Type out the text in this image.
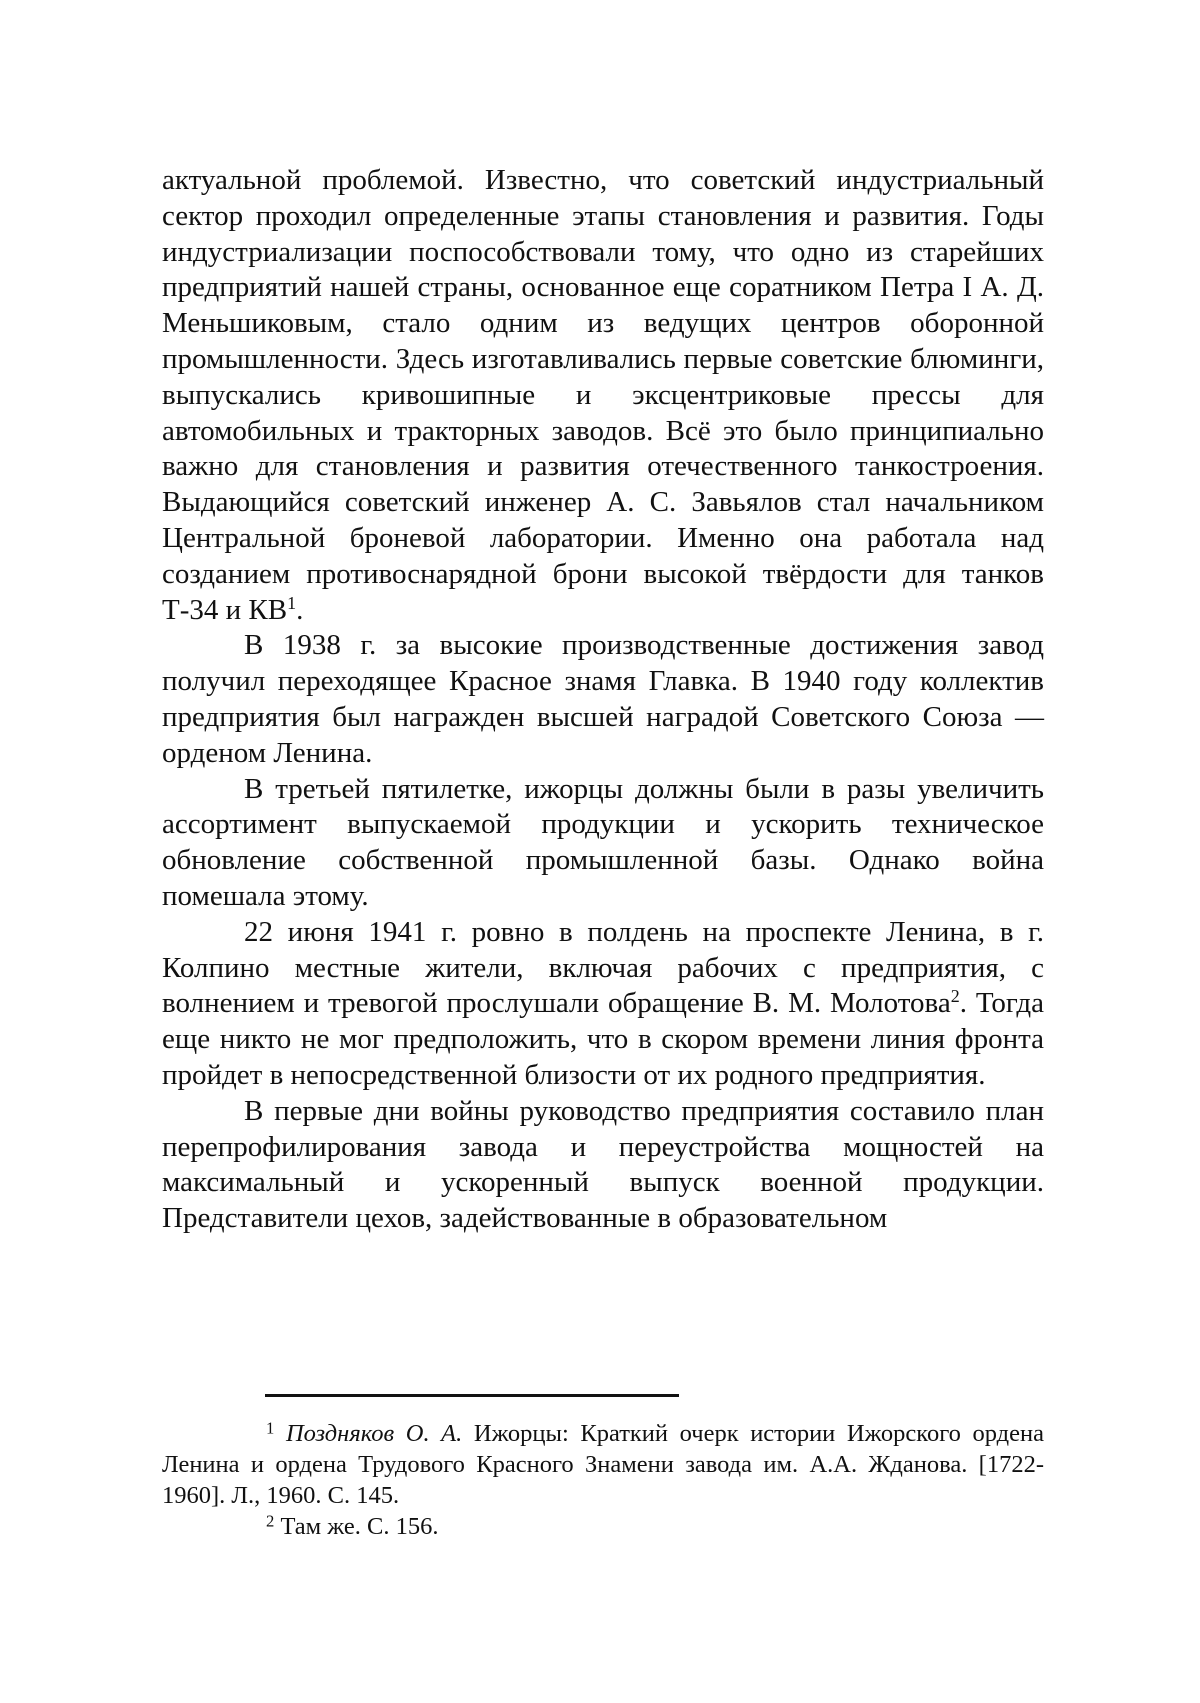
актуальной проблемой. Известно, что советский индустриальный сектор проходил определенные этапы становления и развития. Годы индустриализации поспособствовали тому, что одно из старейших предприятий нашей страны, основанное еще соратником Петра I А. Д. Меньшиковым, стало одним из ведущих центров оборонной промышленности. Здесь изготавливались первые советские блюминги, выпускались кривошипные и эксцентриковые прессы для автомобильных и тракторных заводов. Всё это было принципиально важно для становления и развития отечественного танкостроения. Выдающийся советский инженер А. С. Завьялов стал начальником Центральной броневой лаборатории. Именно она работала над созданием противоснарядной брони высокой твёрдости для танков Т-34 и $КВ^1$.

В 1938 г. за высокие производственные достижения завод получил переходящее Красное знамя Главка. В 1940 году коллектив предприятия был награжден высшей наградой Советского Союза — орденом Ленина.

В третьей пятилетке, ижорцы должны были в разы увеличить ассортимент выпускаемой продукции и ускорить техническое обновление собственной промышленной базы. Однако война помешала этому.

22 июня 1941 г. ровно в полдень на проспекте Ленина, в г. Колпино местные жители, включая рабочих с предприятия, с волнением и тревогой прослушали обращение В. М. Молотова$^2$. Тогда еще никто не мог предположить, что в скором времени линия фронта пройдет в непосредственной близости от их родного предприятия.

В первые дни войны руководство предприятия составило план перепрофилирования завода и переустройства мощностей на максимальный и ускоренный выпуск военной продукции. Представители цехов, задействованные в образовательном

$^1$ Поздняков О. А. Ижорцы: Краткий очерк истории Ижорского ордена Ленина и ордена Трудового Красного Знамени завода им. А.А. Жданова. [1722-1960]. Л., 1960. С. 145.

$^2$ Там же. С. 156.
